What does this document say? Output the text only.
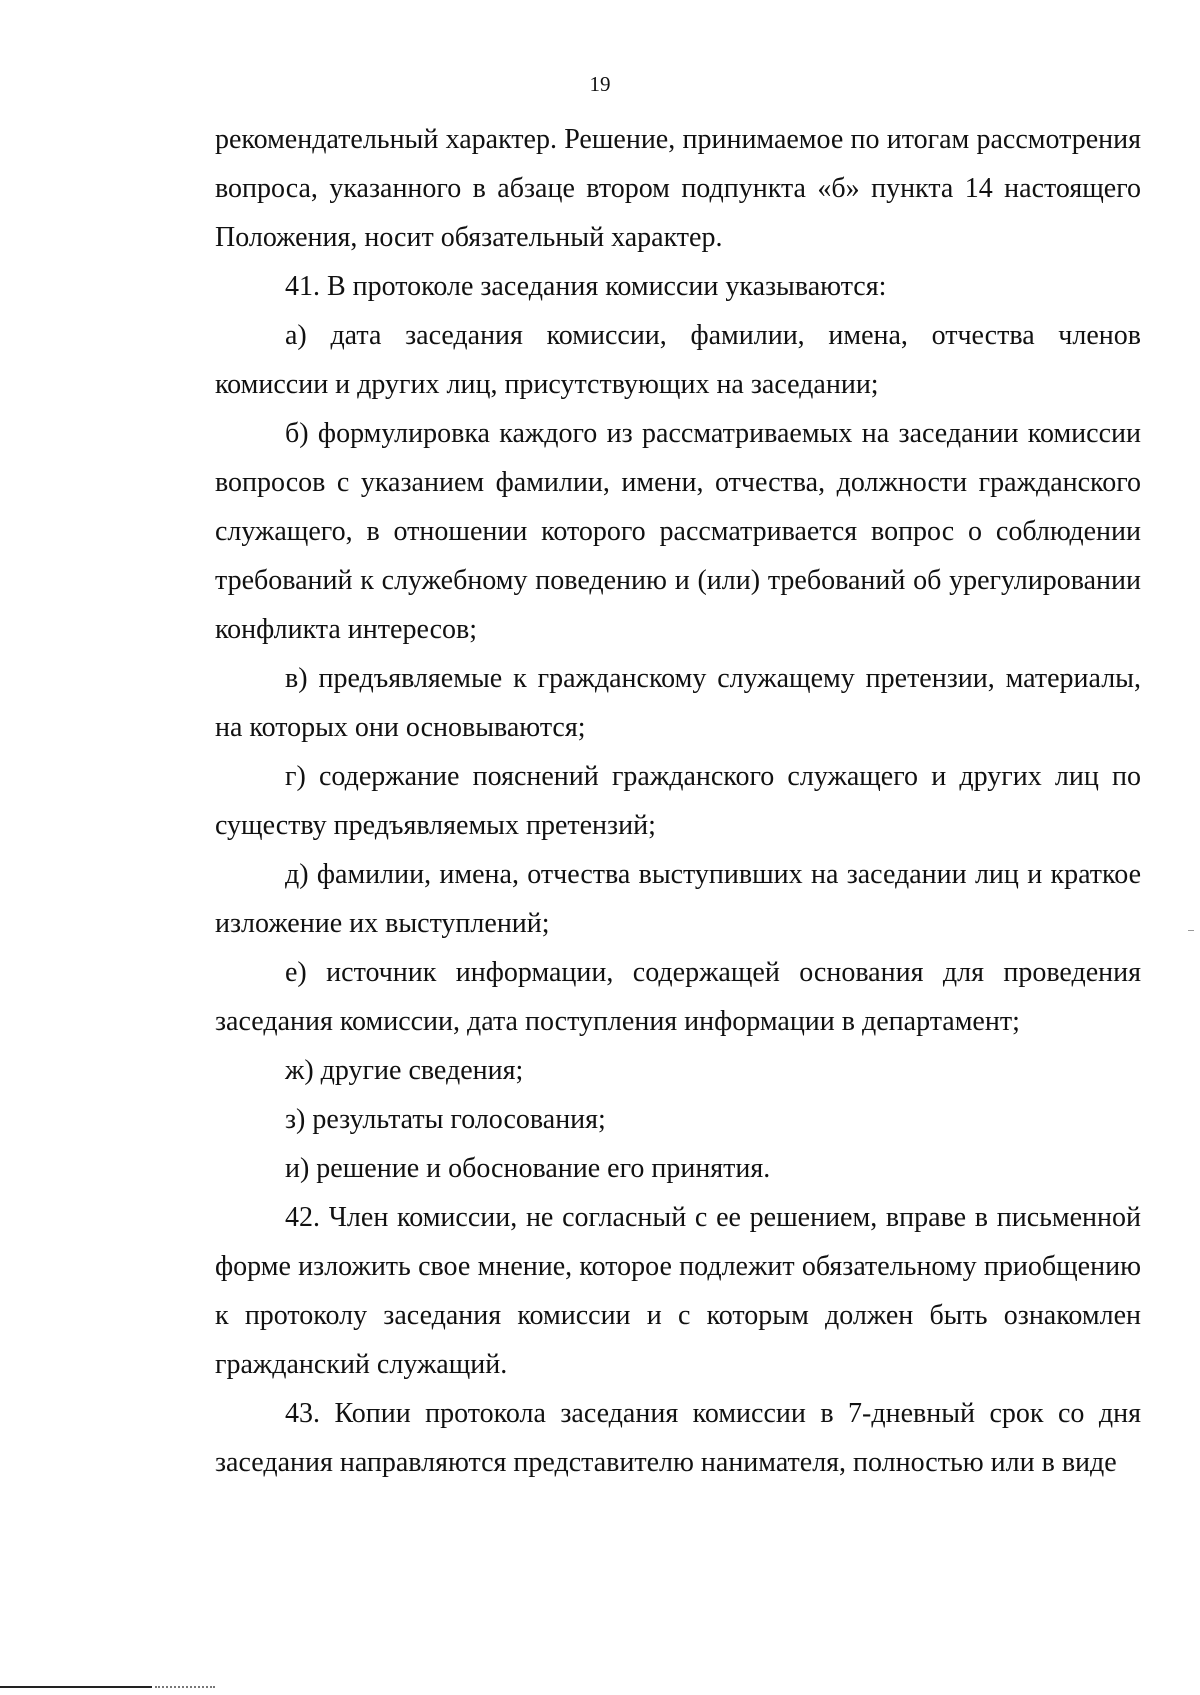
19

рекомендательный характер. Решение, принимаемое по итогам рассмотрения вопроса, указанного в абзаце втором подпункта «б» пункта 14 настоящего Положения, носит обязательный характер.

41. В протоколе заседания комиссии указываются:

а) дата заседания комиссии, фамилии, имена, отчества членов комиссии и других лиц, присутствующих на заседании;

б) формулировка каждого из рассматриваемых на заседании комиссии вопросов с указанием фамилии, имени, отчества, должности гражданского служащего, в отношении которого рассматривается вопрос о соблюдении требований к служебному поведению и (или) требований об урегулировании конфликта интересов;

в) предъявляемые к гражданскому служащему претензии, материалы, на которых они основываются;

г) содержание пояснений гражданского служащего и других лиц по существу предъявляемых претензий;

д) фамилии, имена, отчества выступивших на заседании лиц и краткое изложение их выступлений;

е) источник информации, содержащей основания для проведения заседания комиссии, дата поступления информации в департамент;

ж) другие сведения;

з) результаты голосования;

и) решение и обоснование его принятия.

42. Член комиссии, не согласный с ее решением, вправе в письменной форме изложить свое мнение, которое подлежит обязательному приобщению к протоколу заседания комиссии и с которым должен быть ознакомлен гражданский служащий.

43. Копии протокола заседания комиссии в 7-дневный срок со дня заседания направляются представителю нанимателя, полностью или в виде
